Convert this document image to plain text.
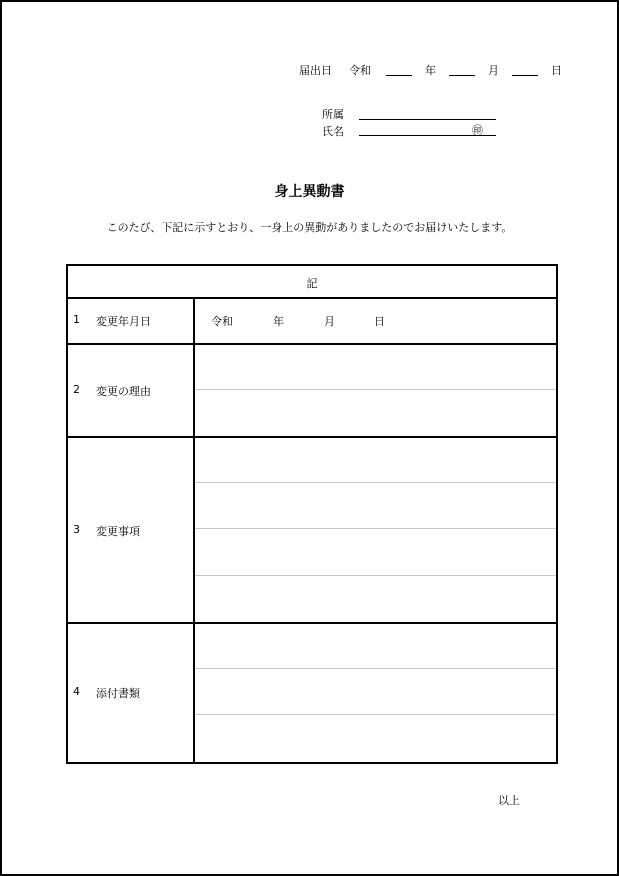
届出日 令和	年	月	日
所属
氏名	㊞
身上異動書
このたび、下記に示すとおり、一身上の異動がありましたのでお届けいたします。
記
1 変更年月日	令和	年	月	日
2 変更の理由
3 変更事項
4 添付書類
以上
